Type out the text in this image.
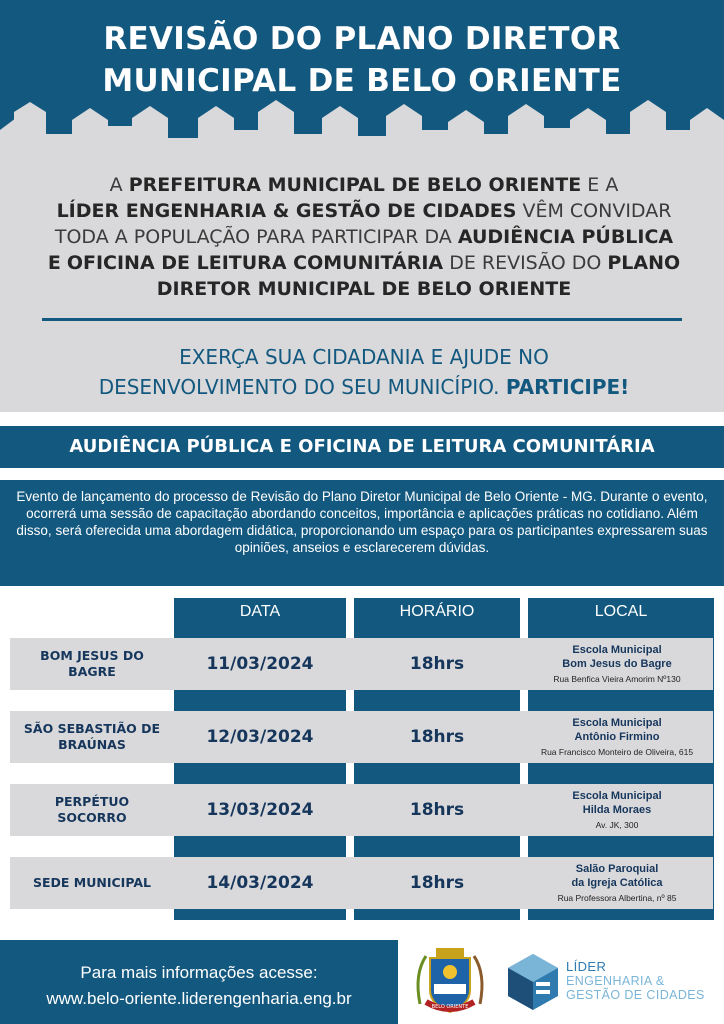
REVISÃO DO PLANO DIRETOR
MUNICIPAL DE BELO ORIENTE
A PREFEITURA MUNICIPAL DE BELO ORIENTE E A
LÍDER ENGENHARIA & GESTÃO DE CIDADES VÊM CONVIDAR
TODA A POPULAÇÃO PARA PARTICIPAR DA AUDIÊNCIA PÚBLICA
E OFICINA DE LEITURA COMUNITÁRIA DE REVISÃO DO PLANO
DIRETOR MUNICIPAL DE BELO ORIENTE
EXERÇA SUA CIDADANIA E AJUDE NO
DESENVOLVIMENTO DO SEU MUNICÍPIO. PARTICIPE!
AUDIÊNCIA PÚBLICA E OFICINA DE LEITURA COMUNITÁRIA
Evento de lançamento do processo de Revisão do Plano Diretor Municipal de Belo Oriente - MG. Durante o evento, ocorrerá uma sessão de capacitação abordando conceitos, importância e aplicações práticas no cotidiano. Além disso, será oferecida uma abordagem didática, proporcionando um espaço para os participantes expressarem suas opiniões, anseios e esclarecerem dúvidas.
DATA	HORÁRIO	LOCAL
BOM JESUS DO BAGRE	11/03/2024	18hrs
Escola Municipal
Bom Jesus do Bagre
Rua Benfica Vieira Amorim Nº130
SÃO SEBASTIÃO DE BRAÚNAS	12/03/2024	18hrs
Escola Municipal
Antônio Firmino
Rua Francisco Monteiro de Oliveira, 615
PERPÉTUO SOCORRO	13/03/2024	18hrs
Escola Municipal
Hilda Moraes
Av. JK, 300
SEDE MUNICIPAL	14/03/2024	18hrs
Salão Paroquial
da Igreja Católica
Rua Professora Albertina, nº 85
Para mais informações acesse:
www.belo-oriente.liderengenharia.eng.br	BELO ORIENTE
LÍDER
ENGENHARIA &
GESTÃO DE CIDADES
